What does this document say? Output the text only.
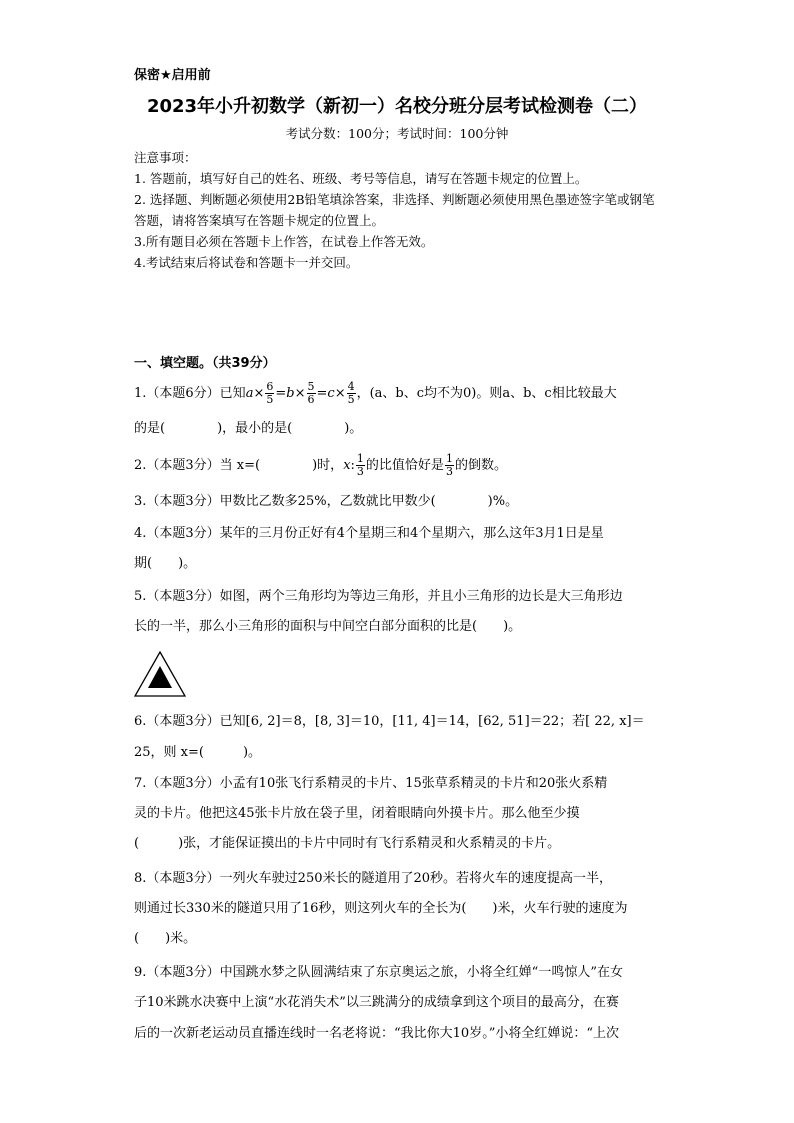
保密★启用前
2023年小升初数学（新初一）名校分班分层考试检测卷（二）
考试分数：100分；考试时间：100分钟
注意事项：
1. 答题前，填写好自己的姓名、班级、考号等信息，请写在答题卡规定的位置上。
2. 选择题、判断题必须使用2B铅笔填涂答案，非选择、判断题必须使用黑色墨迹签字笔或钢笔答题，请将答案填写在答题卡规定的位置上。
3.所有题目必须在答题卡上作答，在试卷上作答无效。
4.考试结束后将试卷和答题卡一并交回。
一、填空题。（共39分）
1.（本题6分）已知$a\times \frac{6}{5} =b\times \frac{5}{6} =c\times \frac{4}{5}$ ，(a、b、c均不为0)。则a、b、c相比较最大
的是(　　　　)，最小的是(　　　　)。
2.（本题3分）当 x=(　　　　)时，x: $\frac{1}{3}$ 的比值恰好是 $\frac{1}{3}$ 的倒数。
3.（本题3分）甲数比乙数多25%，乙数就比甲数少(　　　　)%。
4.（本题3分）某年的三月份正好有4个星期三和4个星期六，那么这年3月1日是星
期(　　)。
5.（本题3分）如图，两个三角形均为等边三角形，并且小三角形的边长是大三角形边
长的一半，那么小三角形的面积与中间空白部分面积的比是(　　)。
6.（本题3分）已知[6, 2]＝8，[8, 3]＝10，[11, 4]＝14，[62, 51]＝22；若[ 22, x]＝
25，则 x=(　　　)。
7.（本题3分）小孟有10张飞行系精灵的卡片、15张草系精灵的卡片和20张火系精
灵的卡片。他把这45张卡片放在袋子里，闭着眼睛向外摸卡片。那么他至少摸
(　　　)张，才能保证摸出的卡片中同时有飞行系精灵和火系精灵的卡片。
8.（本题3分）一列火车驶过250米长的隧道用了20秒。若将火车的速度提高一半，
则通过长330米的隧道只用了16秒，则这列火车的全长为(　　)米，火车行驶的速度为
(　　)米。
9.（本题3分）中国跳水梦之队圆满结束了东京奥运之旅，小将全红婵“一鸣惊人”在女
子10米跳水决赛中上演“水花消失术”以三跳满分的成绩拿到这个项目的最高分，在赛
后的一次新老运动员直播连线时一名老将说：“我比你大10岁。”小将全红婵说：“上次
